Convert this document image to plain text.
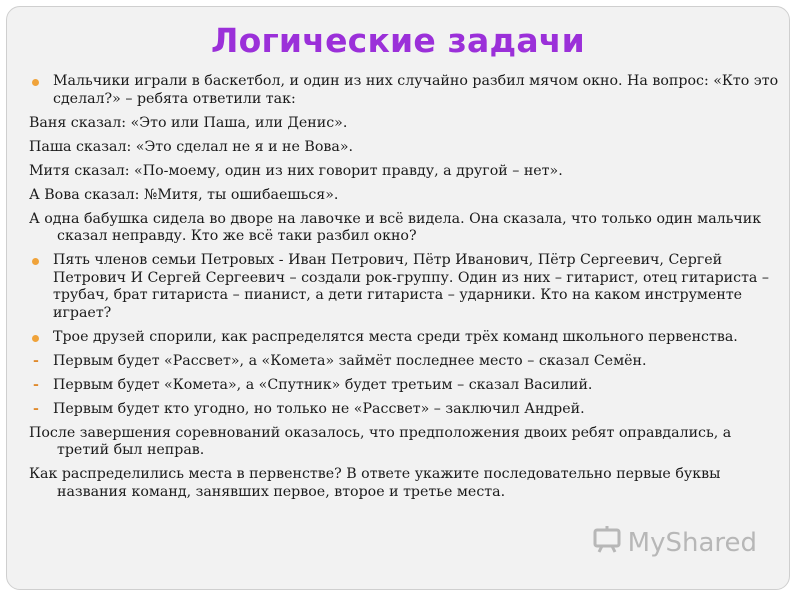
Логические задачи
Мальчики играли в баскетбол, и один из них случайно разбил мячом окно. На вопрос: «Кто это сделал?» – ребята ответили так:
Ваня сказал: «Это или Паша, или Денис».
Паша сказал: «Это сделал не я и не Вова».
Митя сказал: «По-моему, один из них говорит правду, а другой – нет».
А Вова сказал: №Митя, ты ошибаешься».
А одна бабушка сидела во дворе на лавочке и всё видела. Она сказала, что только один мальчик сказал неправду. Кто же всё таки разбил окно?
Пять членов семьи Петровых - Иван Петрович, Пётр Иванович, Пётр Сергеевич, Сергей Петрович И Сергей Сергеевич – создали рок-группу. Один из них – гитарист, отец гитариста – трубач, брат гитариста – пианист, а дети гитариста – ударники. Кто на каком инструменте играет?
Трое друзей спорили, как распределятся места среди трёх команд школьного первенства.
- Первым будет «Рассвет», а «Комета» займёт последнее место – сказал Семён.
- Первым будет «Комета», а «Спутник» будет третьим – сказал Василий.
- Первым будет кто угодно, но только не «Рассвет» – заключил Андрей.
После завершения соревнований оказалось, что предположения двоих ребят оправдались, а третий был неправ.
Как распределились места в первенстве? В ответе укажите последовательно первые буквы названия команд, занявших первое, второе и третье места.
MyShared
